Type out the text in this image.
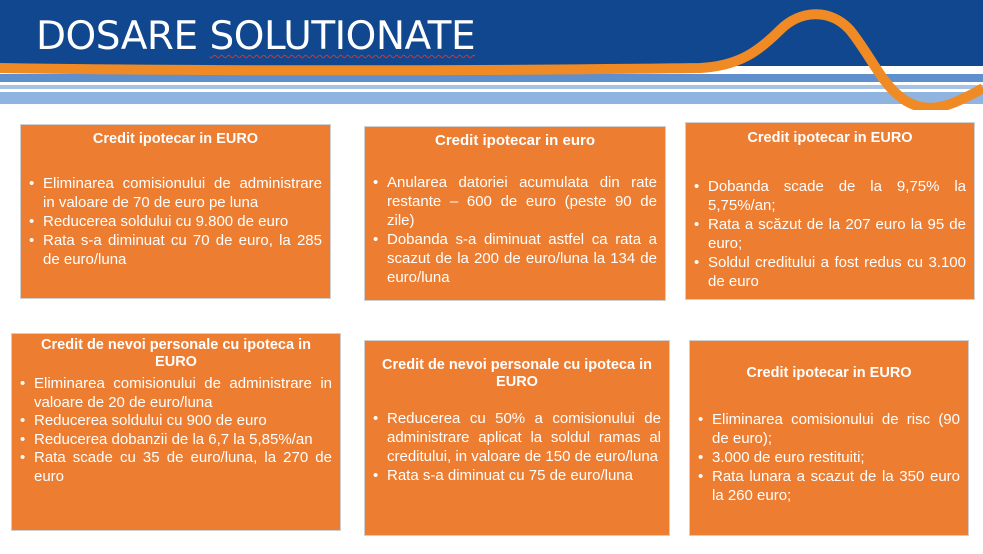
DOSARE SOLUTIONATE
Credit ipotecar in EURO
• Eliminarea comisionului de administrare in valoare de 70 de euro pe luna
• Reducerea soldului cu 9.800 de euro
• Rata s-a diminuat cu 70 de euro, la 285 de euro/luna
Credit ipotecar in euro
• Anularea datoriei acumulata din rate restante – 600 de euro (peste 90 de zile)
• Dobanda s-a diminuat astfel ca rata a scazut de la 200 de euro/luna la 134 de euro/luna
Credit ipotecar in EURO
• Dobanda scade de la 9,75% la 5,75%/an;
• Rata a scăzut de la 207 euro la 95 de euro;
• Soldul creditului a fost redus cu 3.100 de euro
Credit de nevoi personale cu ipoteca in EURO
• Eliminarea comisionului de administrare in valoare de 20 de euro/luna
• Reducerea soldului cu 900 de euro
• Reducerea dobanzii de la 6,7 la 5,85%/an
• Rata scade cu 35 de euro/luna, la 270 de euro
Credit de nevoi personale cu ipoteca in EURO
• Reducerea cu 50% a comisionului de administrare aplicat la soldul ramas al creditului, in valoare de 150 de euro/luna
• Rata s-a diminuat cu 75 de euro/luna
Credit ipotecar in EURO
• Eliminarea comisionului de risc (90 de euro);
• 3.000 de euro restituiti;
• Rata lunara a scazut de la 350 euro la 260 euro;
